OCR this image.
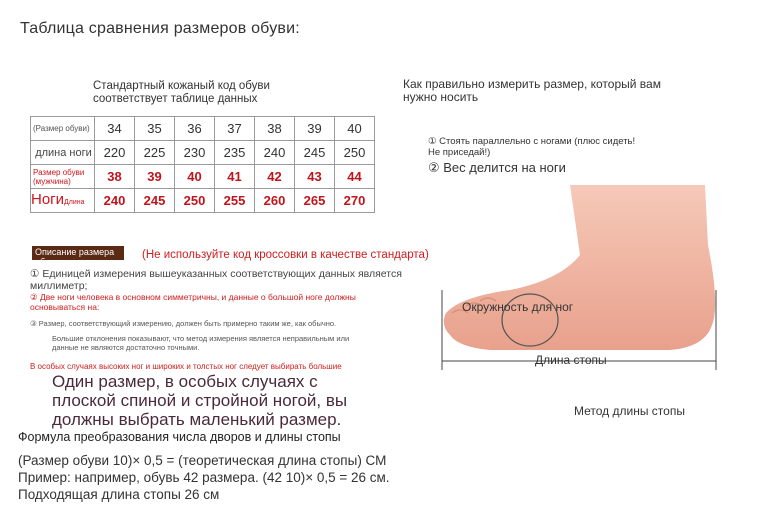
Таблица сравнения размеров обуви:
Стандартный кожаный код обуви
соответствует таблице данных
(Размер обуви)	34	35	36	37	38	39	40
длина ноги	220	225	230	235	240	245	250
Размер обуви (мужчина)	38	39	40	41	42	43	44
НогиДлина	240	245	250	255	260	265	270
Описание размера обуви
(Не используйте код кроссовки в качестве стандарта)
① Единицей измерения вышеуказанных соответствующих данных является миллиметр;
② Две ноги человека в основном симметричны, и данные о большой ноге должны основываться на:
③ Размер, соответствующий измерению, должен быть примерно таким же, как обычно.
Большие отклонения показывают, что метод измерения является неправильным или данные не являются достаточно точными.
В особых случаях высоких ног и широких и толстых ног следует выбирать большие
Один размер, в особых случаях с плоской спиной и стройной ногой, вы должны выбрать маленький размер.
Как правильно измерить размер, который вам
нужно носить
① Стоять параллельно с ногами (плюс сидеть!
Не приседай!)
② Вес делится на ноги
Окружность для ног
Длина стопы
Метод длины стопы
Формула преобразования числа дворов и длины стопы
(Размер обуви 10)× 0,5 = (теоретическая длина стопы) СМ
Пример: например, обувь 42 размера. (42 10)× 0,5 = 26 см.
Подходящая длина стопы 26 см
